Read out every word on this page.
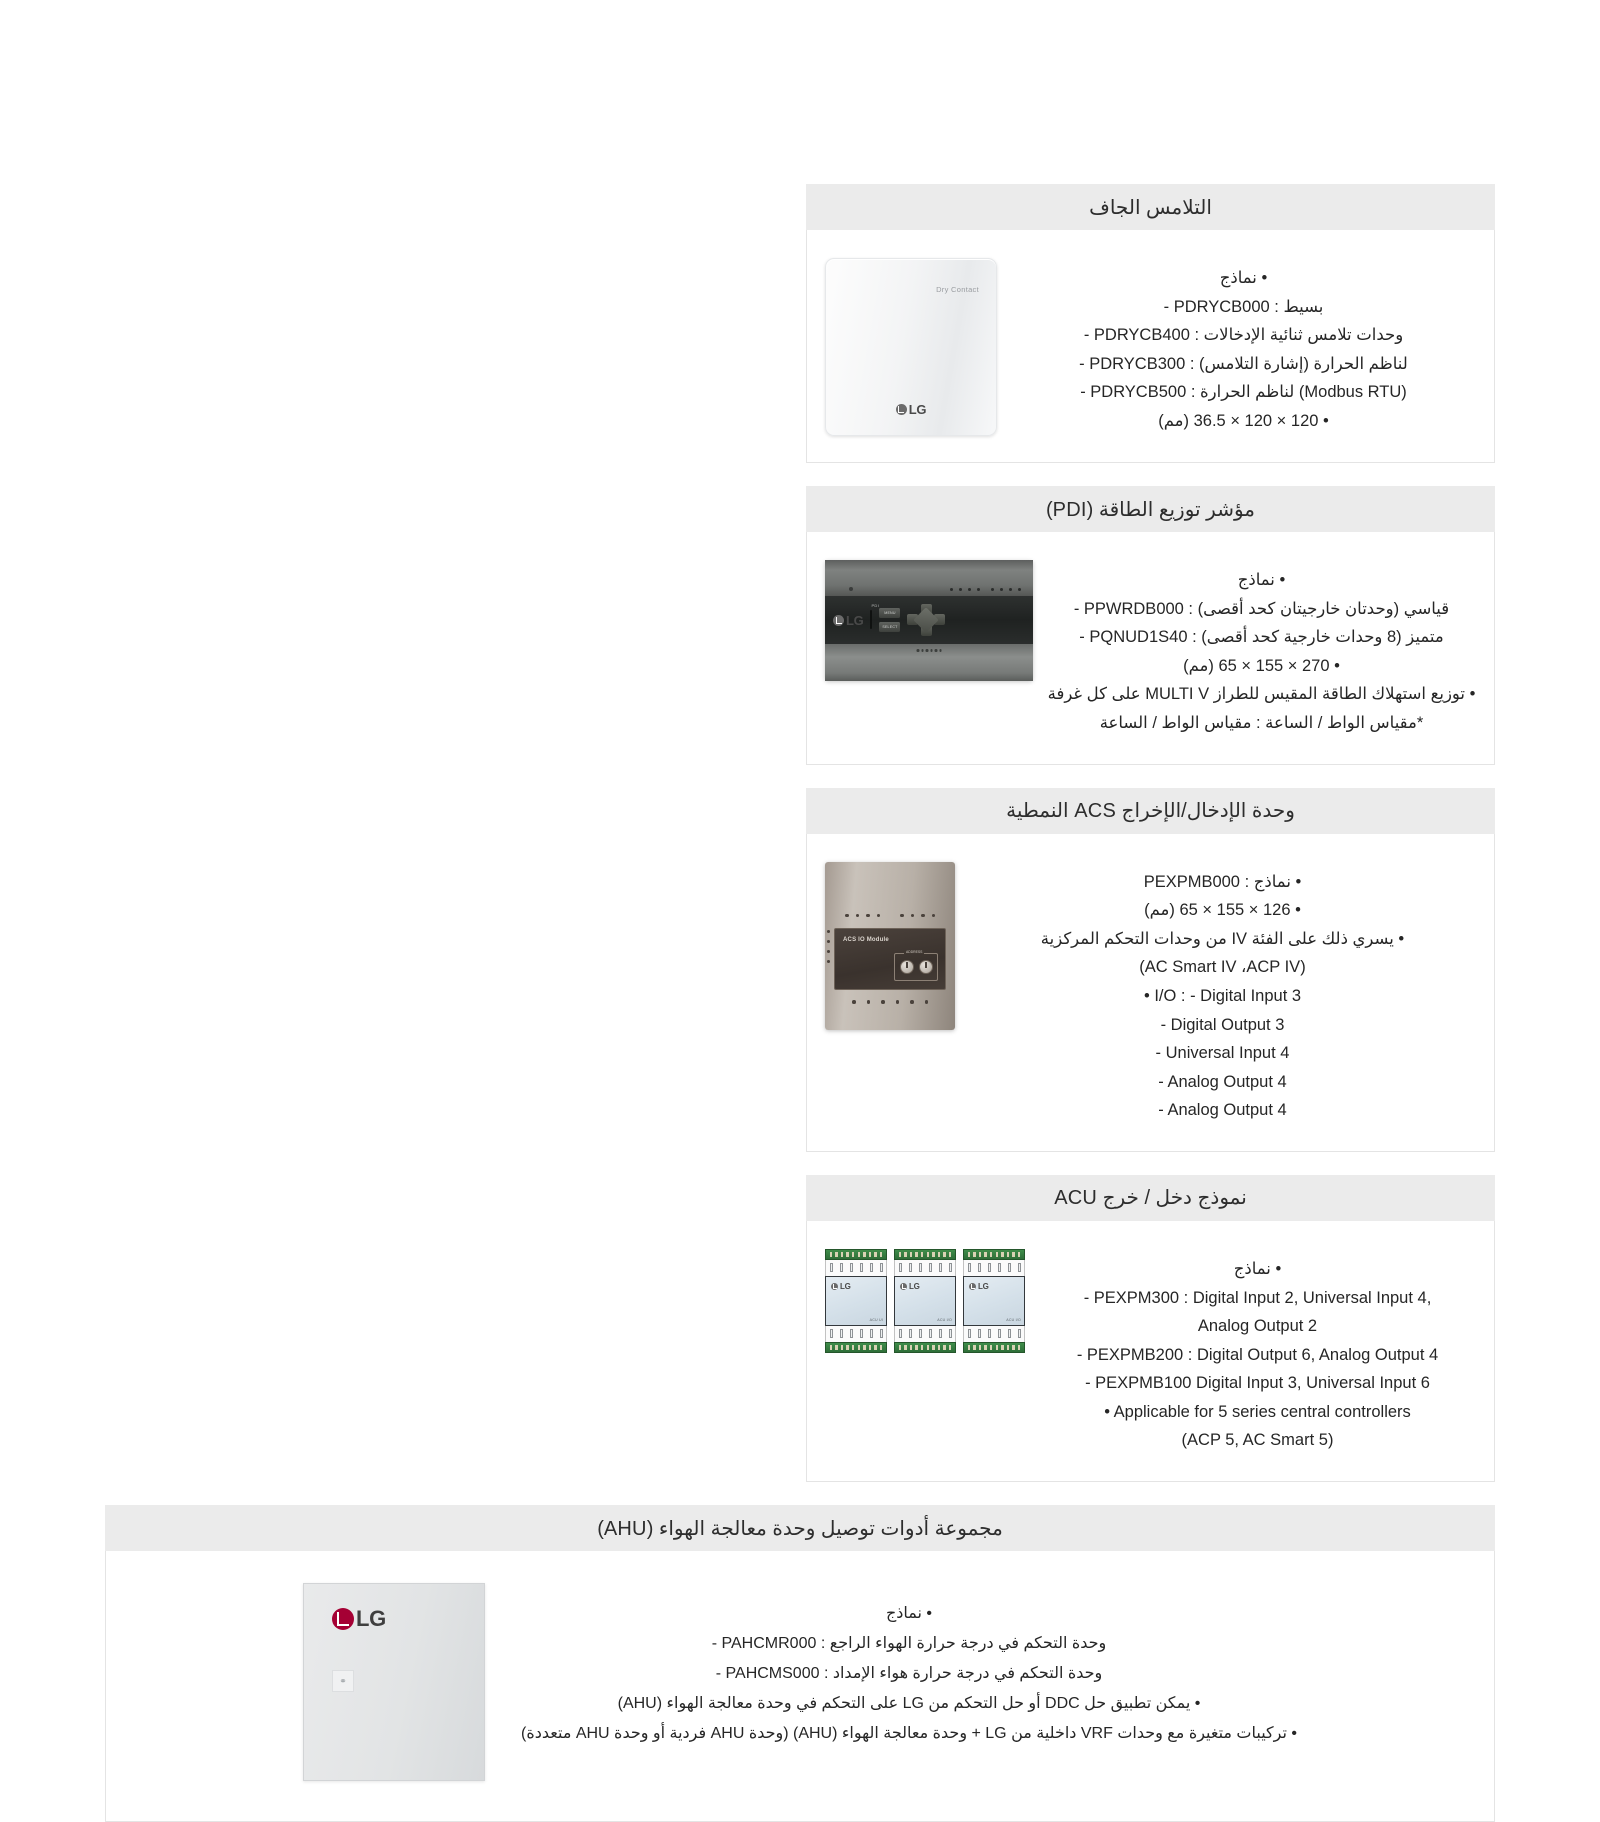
التلامس الجاف
Dry Contact
LG
• نماذج
- PDRYCB000 : بسيط
- PDRYCB400 : وحدات تلامس ثنائية الإدخالات
- PDRYCB300 : لناظم الحرارة (إشارة التلامس)
- PDRYCB500 : لناظم الحرارة (Modbus RTU)
• 120 × 120 × 36.5 (مم)
مؤشر توزيع الطاقة (PDI)
LG
PDI
MENU
SELECT
• نماذج
- PPWRDB000 : قياسي (وحدتان خارجيتان كحد أقصى)
- PQNUD1S40 : متميز (8 وحدات خارجية كحد أقصى)
• 270 × 155 × 65 (مم)
• توزيع استهلاك الطاقة المقيس للطراز MULTI V على كل غرفة
*مقياس الواط / الساعة : مقياس الواط / الساعة
وحدة الإدخال/الإخراج ACS النمطية
ACS IO Module
ADDRESS
• نماذج : PEXPMB000
• 126 × 155 × 65 (مم)
• يسري ذلك على الفئة IV من وحدات التحكم المركزية
(AC Smart IV ،ACP IV)
• I/O : - Digital Input 3
- Digital Output 3
- Universal Input 4
- Analog Output 4
- Analog Output 4
نموذج دخل / خرج ACU
LG
ACU UI
LG
ACU I/O
LG
ACU I/O
• نماذج
- PEXPM300 : Digital Input 2, Universal Input 4,
Analog Output 2
- PEXPMB200 : Digital Output 6, Analog Output 4
- PEXPMB100 Digital Input 3, Universal Input 6
• Applicable for 5 series central controllers
(ACP 5, AC Smart 5)
مجموعة أدوات توصيل وحدة معالجة الهواء (AHU)
LG
⚭
• نماذج
- PAHCMR000 : وحدة التحكم في درجة حرارة الهواء الراجع
- PAHCMS000 : وحدة التحكم في درجة حرارة هواء الإمداد
• يمكن تطبيق حل DDC أو حل التحكم من LG على التحكم في وحدة معالجة الهواء (AHU)
• تركيبات متغيرة مع وحدات VRF داخلية من LG + وحدة معالجة الهواء (AHU) (وحدة AHU فردية أو وحدة AHU متعددة)
